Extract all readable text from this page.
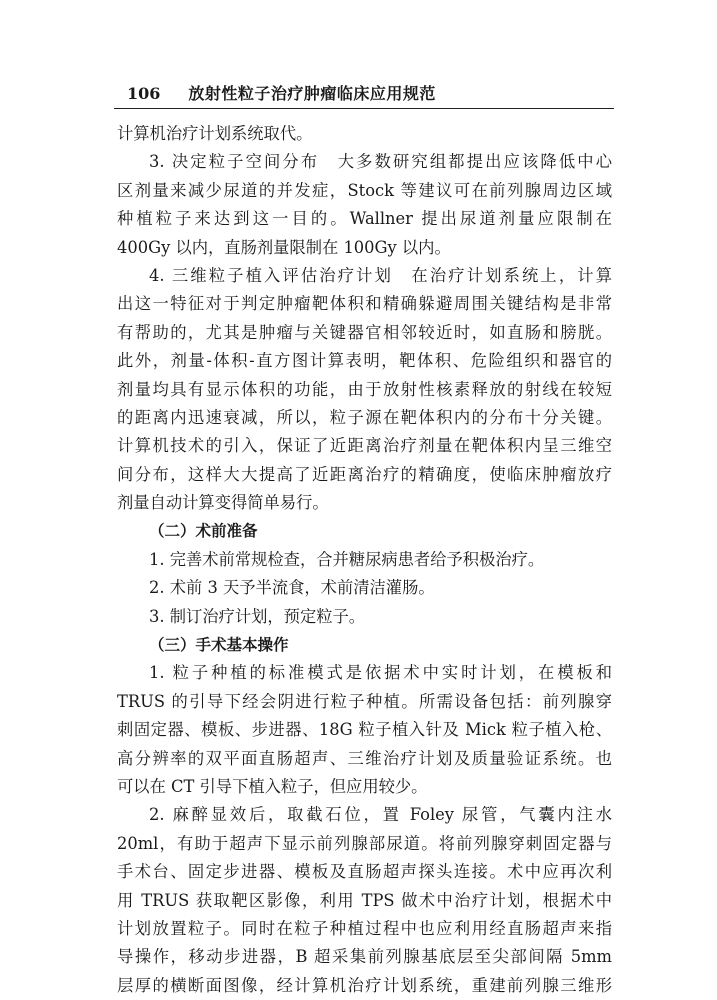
106 放射性粒子治疗肿瘤临床应用规范
计算机治疗计划系统取代。
3. 决定粒子空间分布　大多数研究组都提出应该降低中心
区剂量来减少尿道的并发症，Stock 等建议可在前列腺周边区域
种植粒子来达到这一目的。Wallner 提出尿道剂量应限制在
400Gy 以内，直肠剂量限制在 100Gy 以内。
4. 三维粒子植入评估治疗计划　在治疗计划系统上，计算
出这一特征对于判定肿瘤靶体积和精确躲避周围关键结构是非常
有帮助的，尤其是肿瘤与关键器官相邻较近时，如直肠和膀胱。
此外，剂量-体积-直方图计算表明，靶体积、危险组织和器官的
剂量均具有显示体积的功能，由于放射性核素释放的射线在较短
的距离内迅速衰减，所以，粒子源在靶体积内的分布十分关键。
计算机技术的引入，保证了近距离治疗剂量在靶体积内呈三维空
间分布，这样大大提高了近距离治疗的精确度，使临床肿瘤放疗
剂量自动计算变得简单易行。
（二）术前准备
1. 完善术前常规检查，合并糖尿病患者给予积极治疗。
2. 术前 3 天予半流食，术前清洁灌肠。
3. 制订治疗计划，预定粒子。
（三）手术基本操作
1. 粒子种植的标准模式是依据术中实时计划，在模板和
TRUS 的引导下经会阴进行粒子种植。所需设备包括：前列腺穿
刺固定器、模板、步进器、18G 粒子植入针及 Mick 粒子植入枪、
高分辨率的双平面直肠超声、三维治疗计划及质量验证系统。也
可以在 CT 引导下植入粒子，但应用较少。
2. 麻醉显效后，取截石位，置 Foley 尿管，气囊内注水
20ml，有助于超声下显示前列腺部尿道。将前列腺穿刺固定器与
手术台、固定步进器、模板及直肠超声探头连接。术中应再次利
用 TRUS 获取靶区影像，利用 TPS 做术中治疗计划，根据术中
计划放置粒子。同时在粒子种植过程中也应利用经直肠超声来指
导操作，移动步进器，B 超采集前列腺基底层至尖部间隔 5mm
层厚的横断面图像，经计算机治疗计划系统，重建前列腺三维形
